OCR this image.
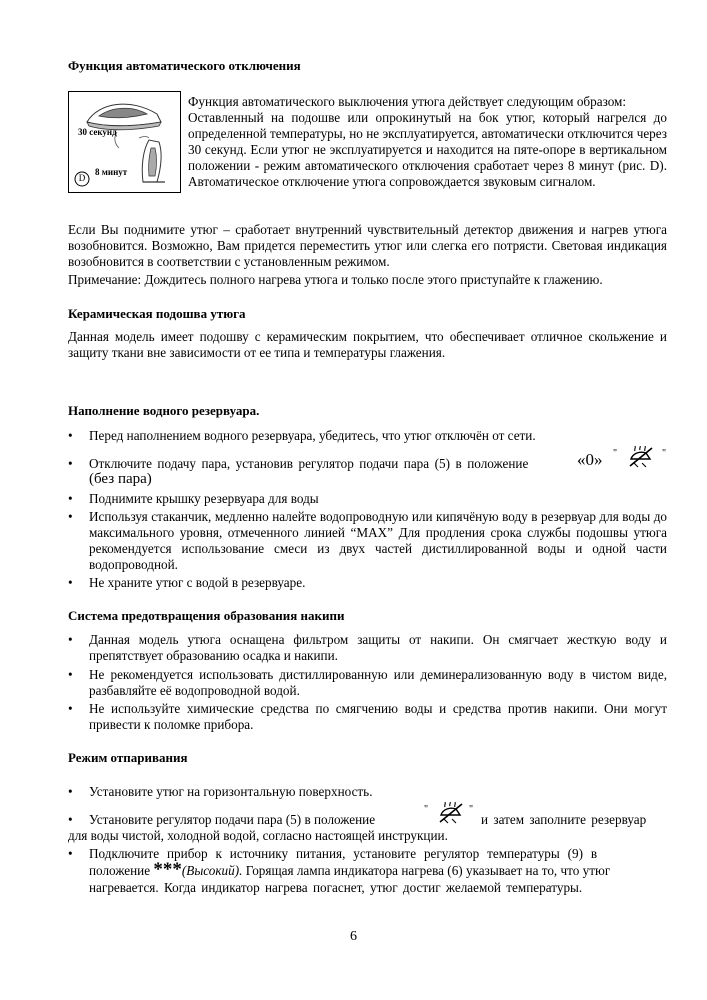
Функция автоматического отключения
30 секунд
8 минут
D

Функция автоматического выключения утюга действует следующим образом:

Оставленный на подошве или опрокинутый на бок утюг, который нагрелся до определенной температуры, но не эксплуатируется, автоматически отключится через 30 секунд. Если утюг не эксплуатируется и находится на пяте-опоре в вертикальном положении - режим автоматического отключения сработает через 8 минут (рис. D). Автоматическое отключение утюга сопровождается звуковым сигналом.

Если Вы поднимите утюг – сработает внутренний чувствительный детектор движения и нагрев утюга возобновится. Возможно, Вам придется переместить утюг или слегка его потрясти. Световая индикация возобновится в соответствии с установленным режимом.

Примечание: Дождитесь полного нагрева утюга и только после этого приступайте к глажению.

Керамическая подошва утюга

Данная модель имеет подошву с керамическим покрытием, что обеспечивает отличное скольжение и защиту ткани вне зависимости от ее типа и температуры глажения.

Наполнение водного резервуара.
•	Перед наполнением водного резервуара, убедитесь, что утюг отключён от сети.
•	Отключите подачу пара, установив регулятор подачи пара (5) в положение	«0» "	"
(без пара)
•	Поднимите крышку резервуара для воды
•	Используя стаканчик, медленно налейте водопроводную или кипячёную воду в резервуар для воды до максимального уровня, отмеченного линией “MAX” Для продления срока службы подошвы утюга рекомендуется использование смеси из двух частей дистиллированной воды и одной части водопроводной.
•	Не храните утюг с водой в резервуаре.
Система предотвращения образования накипи
•	Данная модель утюга оснащена фильтром защиты от накипи. Он смягчает жесткую воду и препятствует образованию осадка и накипи.
•	Не рекомендуется использовать дистиллированную или деминерализованную воду в чистом виде, разбавляйте её водопроводной водой.
•	Не используйте химические средства по смягчению воды и средства против накипи. Они могут привести к поломке прибора.
Режим отпаривания
•	Установите утюг на горизонтальную поверхность.
•	Установите регулятор подачи пара (5) в положение
"	"
и затем заполните резервуар
для воды чистой, холодной водой, согласно настоящей инструкции.
•	Подключите прибор к источнику питания, установите регулятор температуры (9) в
положение ***(Высокий). Горящая лампа индикатора нагрева (6) указывает на то, что утюг
нагревается. Когда индикатор нагрева погаснет, утюг достиг желаемой температуры.
6
